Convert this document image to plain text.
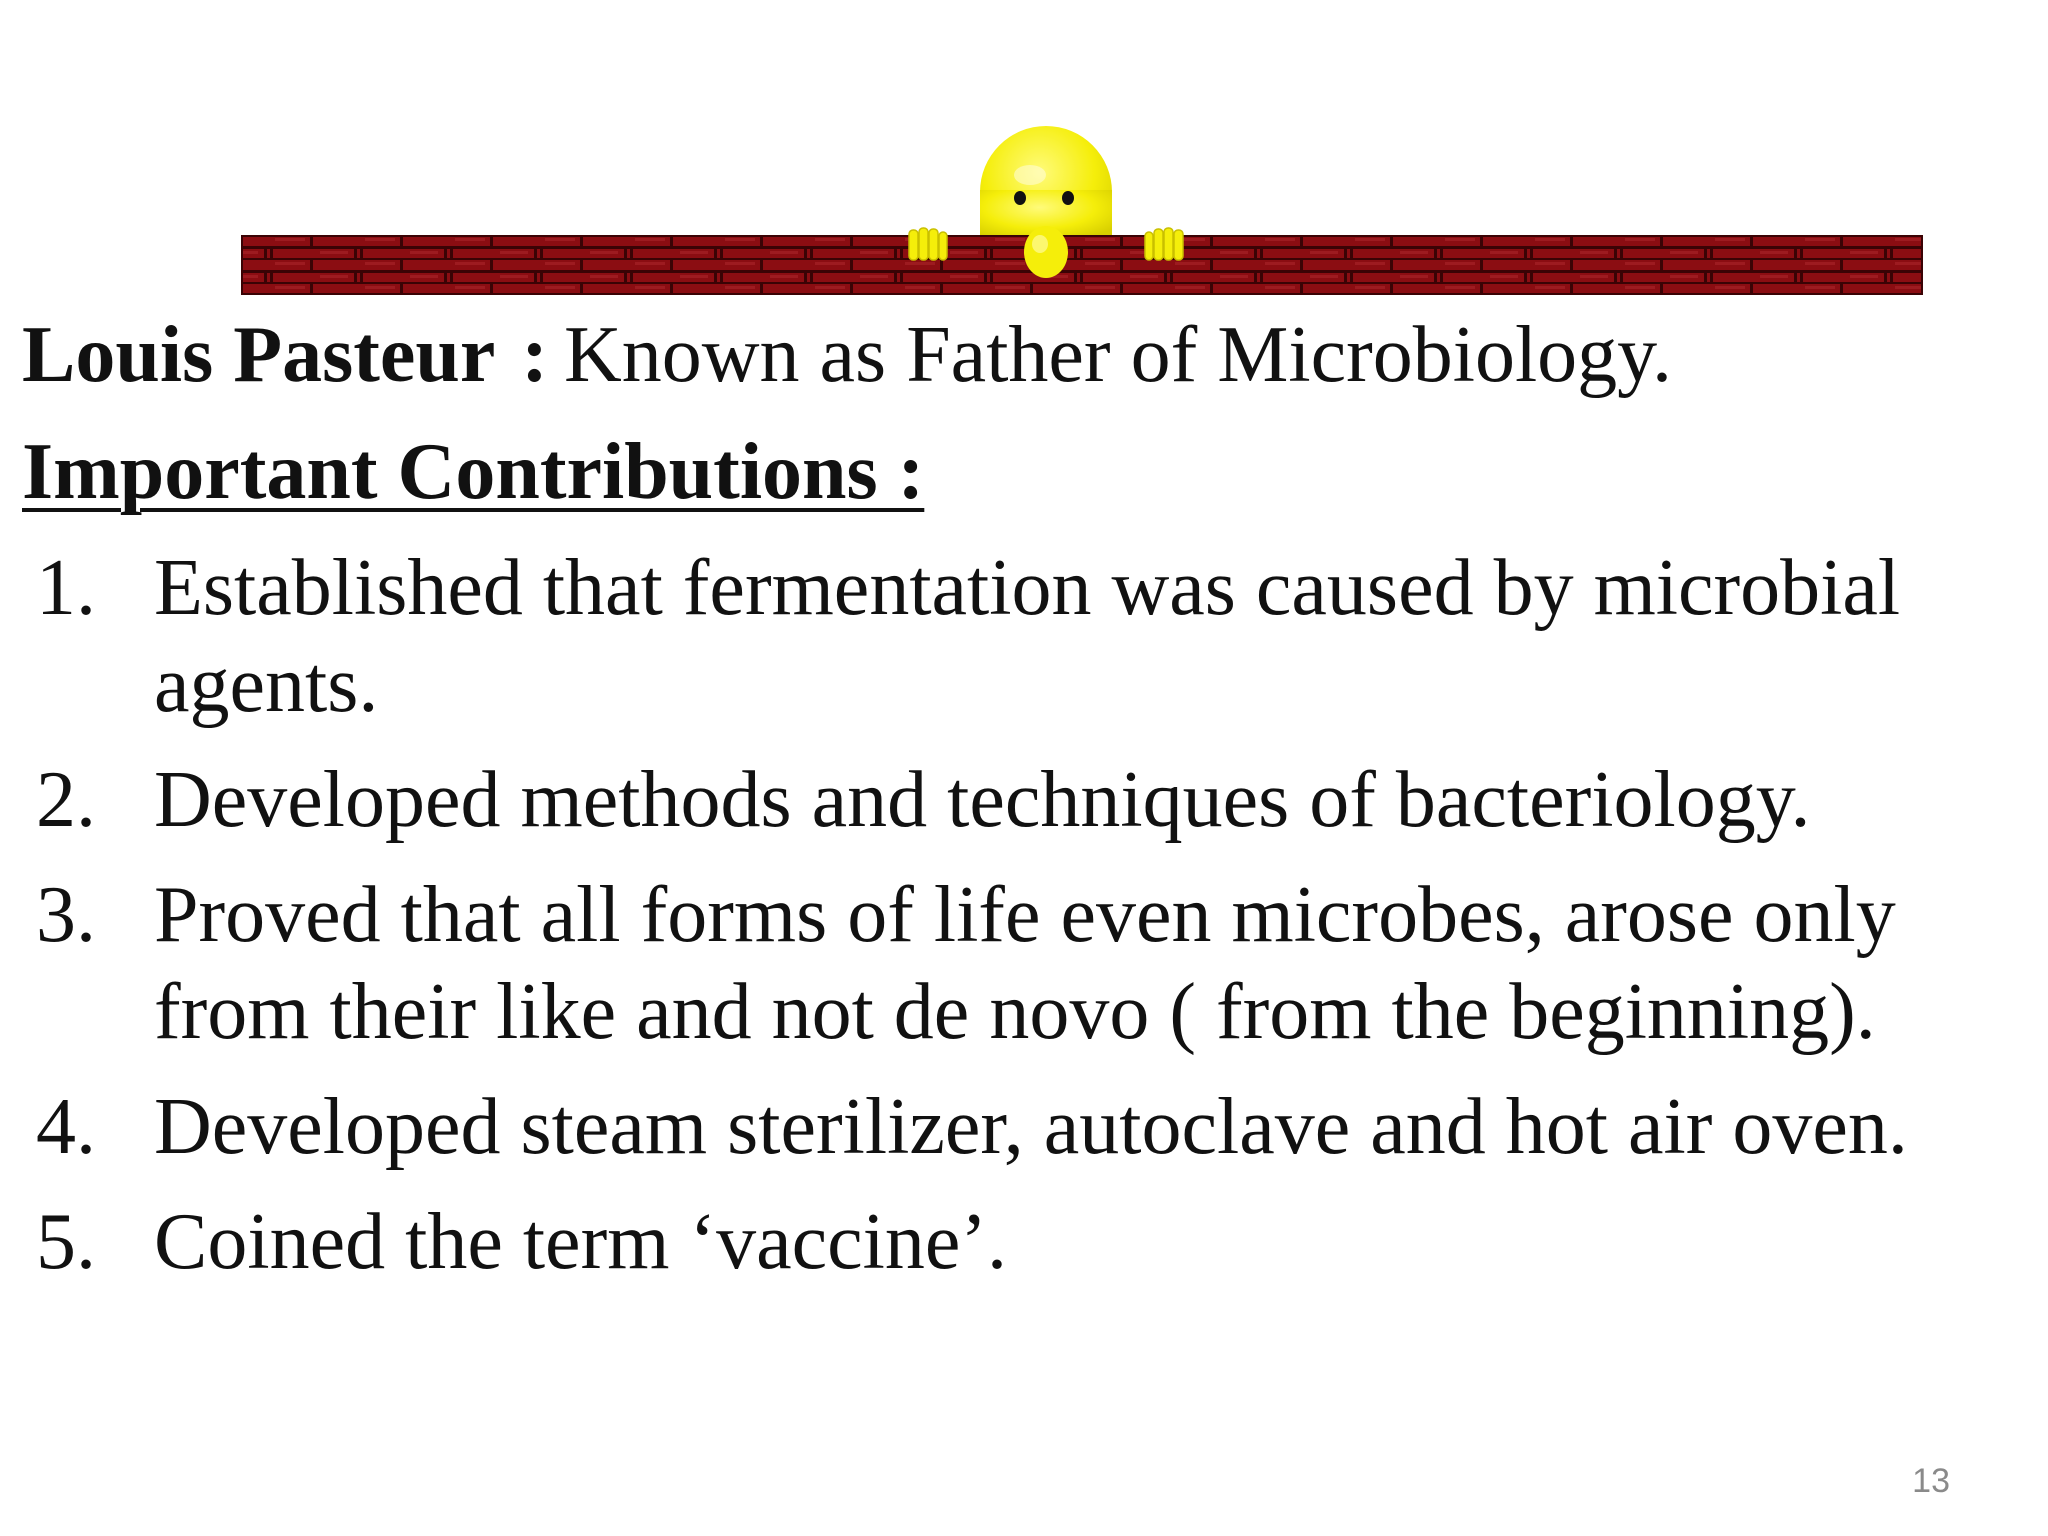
Louis Pasteur : Known as Father of Microbiology.
Important Contributions :
1. Established that fermentation was caused by microbial agents.
2. Developed methods and techniques of bacteriology.
3. Proved that all forms of life even microbes, arose only from their like and not de novo ( from the beginning).
4. Developed steam sterilizer, autoclave and hot air oven.
5. Coined the term ‘vaccine’.
13
